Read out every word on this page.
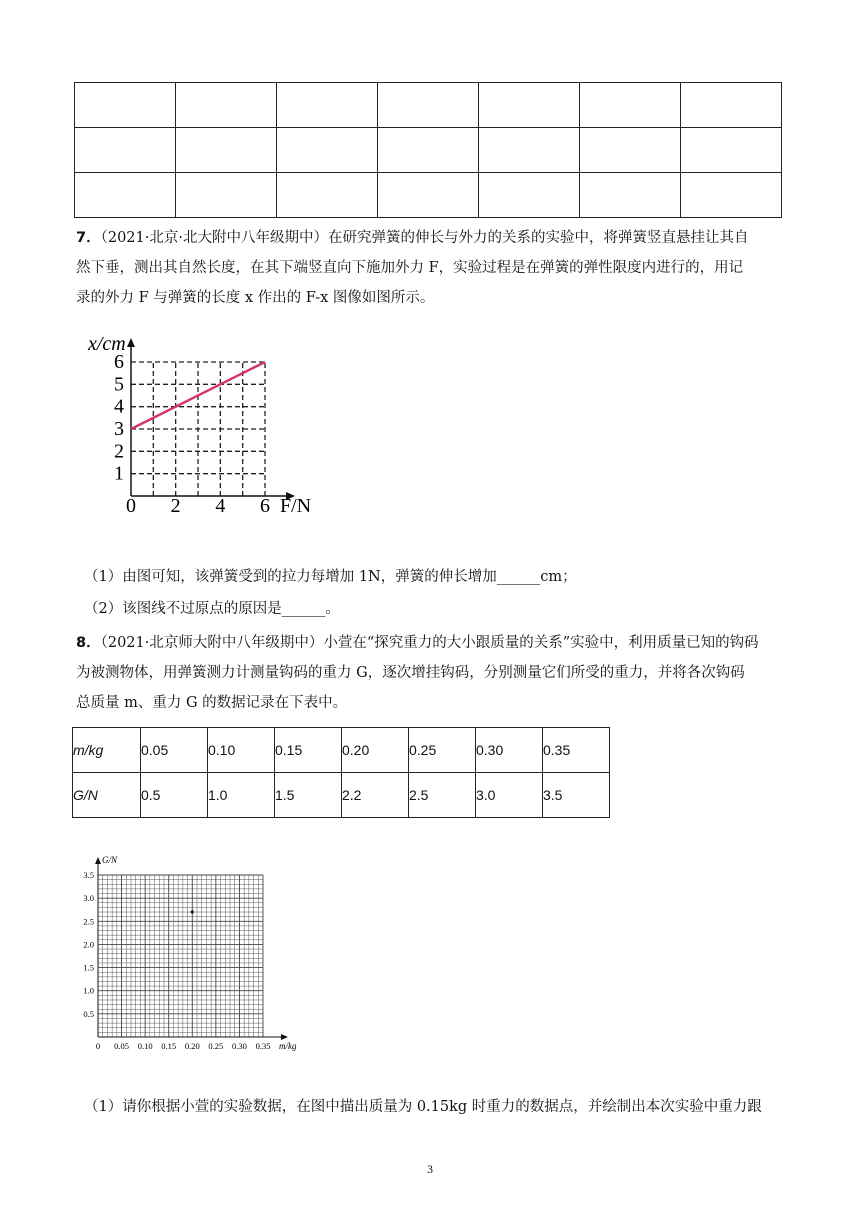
7．（2021·北京·北大附中八年级期中）在研究弹簧的伸长与外力的关系的实验中，将弹簧竖直悬挂让其自
然下垂，测出其自然长度，在其下端竖直向下施加外力 F，实验过程是在弹簧的弹性限度内进行的，用记
录的外力 F 与弹簧的长度 x 作出的 F-x 图像如图所示。
x/cm
0 2 4 6
1
2
3
4
5
6
F/N
（1）由图可知，该弹簧受到的拉力每增加 1N，弹簧的伸长增加______cm；
（2）该图线不过原点的原因是______。
8．（2021·北京师大附中八年级期中）小萱在“探究重力的大小跟质量的关系”实验中，利用质量已知的钩码
为被测物体，用弹簧测力计测量钩码的重力 G，逐次增挂钩码，分别测量它们所受的重力，并将各次钩码
总质量 m、重力 G 的数据记录在下表中。
m/kg	0.05	0.10	0.15	0.20	0.25	0.30	0.35
G/N	0.5	1.0	1.5	2.2	2.5	3.0	3.5
G/N
0 0.05 0.10 0.15 0.20 0.25 0.30 0.35
0.5
1.0
1.5
2.0
2.5
3.0
3.5
m/kg
（1）请你根据小萱的实验数据，在图中描出质量为 0.15kg 时重力的数据点，并绘制出本次实验中重力跟
3
